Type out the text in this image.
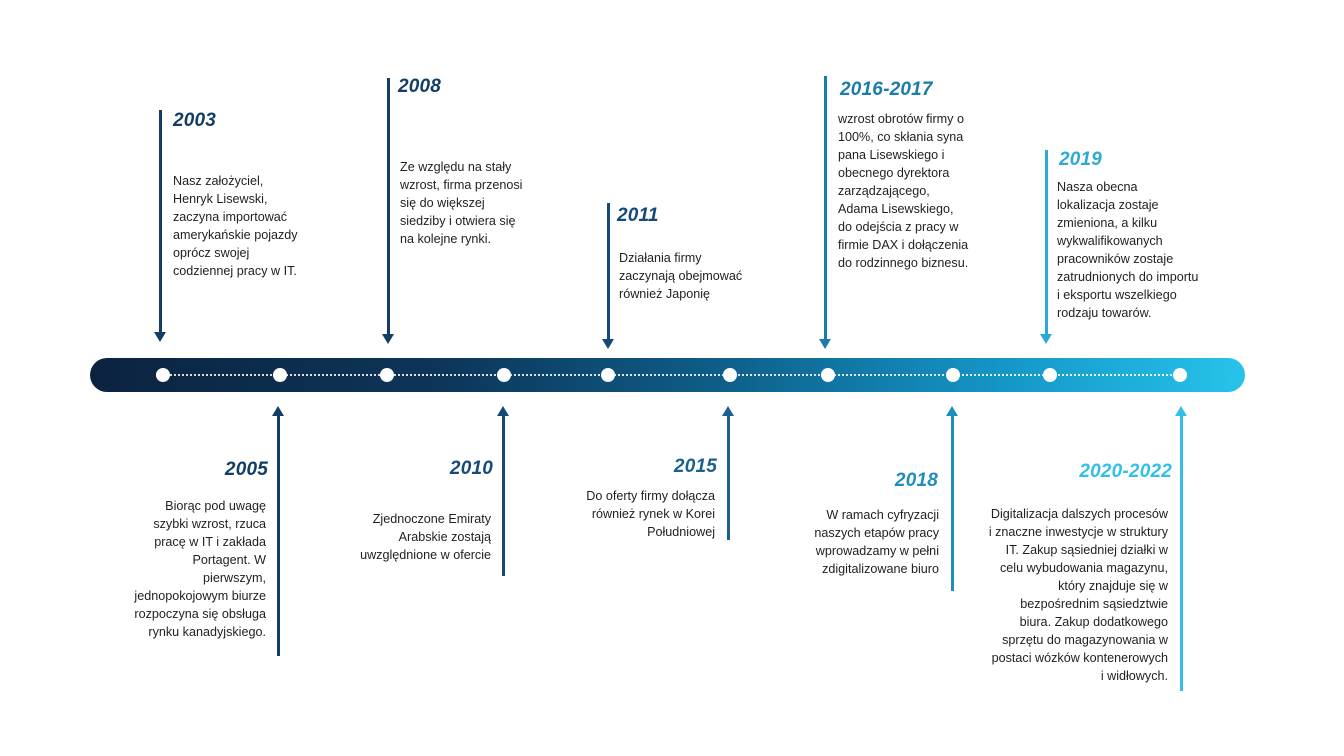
2003
Nasz założyciel,
Henryk Lisewski,
zaczyna importować
amerykańskie pojazdy
oprócz swojej
codziennej pracy w IT.
2005
Biorąc pod uwagę
szybki wzrost, rzuca
pracę w IT i zakłada
Portagent. W
pierwszym,
jednopokojowym biurze
rozpoczyna się obsługa
rynku kanadyjskiego.
2008
Ze względu na stały
wzrost, firma przenosi
się do większej
siedziby i otwiera się
na kolejne rynki.
2010
Zjednoczone Emiraty
Arabskie zostają
uwzględnione w ofercie
2011
Działania firmy
zaczynają obejmować
również Japonię
2015
Do oferty firmy dołącza
również rynek w Korei
Południowej
2016-2017
wzrost obrotów firmy o
100%, co skłania syna
pana Lisewskiego i
obecnego dyrektora
zarządzającego,
Adama Lisewskiego,
do odejścia z pracy w
firmie DAX i dołączenia
do rodzinnego biznesu.
2018
W ramach cyfryzacji
naszych etapów pracy
wprowadzamy w pełni
zdigitalizowane biuro
2019
Nasza obecna
lokalizacja zostaje
zmieniona, a kilku
wykwalifikowanych
pracowników zostaje
zatrudnionych do importu
i eksportu wszelkiego
rodzaju towarów.
2020-2022
Digitalizacja dalszych procesów
i znaczne inwestycje w struktury
IT. Zakup sąsiedniej działki w
celu wybudowania magazynu,
który znajduje się w
bezpośrednim sąsiedztwie
biura. Zakup dodatkowego
sprzętu do magazynowania w
postaci wózków kontenerowych
i widłowych.
